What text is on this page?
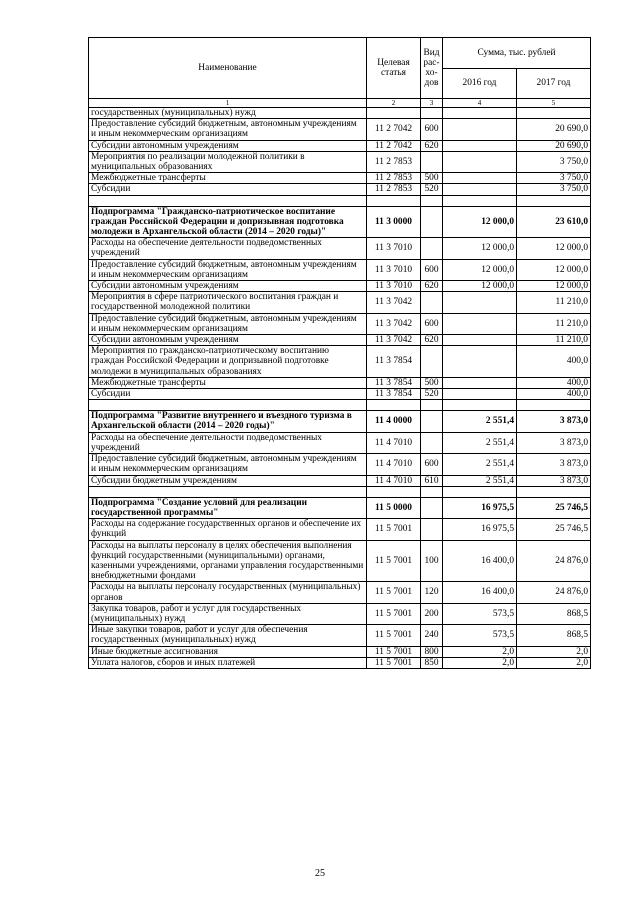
Наименование	Целевая статья	Вид
рас-
хо-
дов	Сумма, тыс. рублей	
			2016 год	2017 год
1	2	3	4	5
государственных (муниципальных) нужд				
Предоставление субсидий бюджетным, автономным учреждениям и иным некоммерческим организациям	11 2 7042	600		20 690,0
Субсидии автономным учреждениям	11 2 7042	620		20 690,0
Мероприятия по реализации молодежной политики в муниципальных образованиях	11 2 7853			3 750,0
Межбюджетные трансферты	11 2 7853	500		3 750,0
Субсидии	11 2 7853	520		3 750,0

Подпрограмма "Гражданско-патриотическое воспитание граждан Российской Федерации и допризывная подготовка молодежи в Архангельской области (2014 – 2020 годы)"	11 3 0000		12 000,0	23 610,0
Расходы на обеспечение деятельности подведомственных учреждений	11 3 7010		12 000,0	12 000,0
Предоставление субсидий бюджетным, автономным учреждениям и иным некоммерческим организациям	11 3 7010	600	12 000,0	12 000,0
Субсидии автономным учреждениям	11 3 7010	620	12 000,0	12 000,0
Мероприятия в сфере патриотического воспитания граждан и государственной молодежной политики	11 3 7042			11 210,0
Предоставление субсидий бюджетным, автономным учреждениям и иным некоммерческим организациям	11 3 7042	600		11 210,0
Субсидии автономным учреждениям	11 3 7042	620		11 210,0
Мероприятия по гражданско-патриотическому воспитанию граждан Российской Федерации и допризывной подготовке молодежи в муниципальных образованиях	11 3 7854			400,0
Межбюджетные трансферты	11 3 7854	500		400,0
Субсидии	11 3 7854	520		400,0

Подпрограмма "Развитие внутреннего и въездного туризма в Архангельской области (2014 – 2020 годы)"	11 4 0000		2 551,4	3 873,0
Расходы на обеспечение деятельности подведомственных учреждений	11 4 7010		2 551,4	3 873,0
Предоставление субсидий бюджетным, автономным учреждениям и иным некоммерческим организациям	11 4 7010	600	2 551,4	3 873,0
Субсидии бюджетным учреждениям	11 4 7010	610	2 551,4	3 873,0

Подпрограмма "Создание условий для реализации государственной программы"	11 5 0000		16 975,5	25 746,5
Расходы на содержание государственных органов и обеспечение их функций	11 5 7001		16 975,5	25 746,5
Расходы на выплаты персоналу в целях обеспечения выполнения функций государственными (муниципальными) органами, казенными учреждениями, органами управления государственными внебюджетными фондами	11 5 7001	100	16 400,0	24 876,0
Расходы на выплаты персоналу государственных (муниципальных) органов	11 5 7001	120	16 400,0	24 876,0
Закупка товаров, работ и услуг для государственных (муниципальных) нужд	11 5 7001	200	573,5	868,5
Иные закупки товаров, работ и услуг для обеспечения государственных (муниципальных) нужд	11 5 7001	240	573,5	868,5
Иные бюджетные ассигнования	11 5 7001	800	2,0	2,0
Уплата налогов, сборов и иных платежей	11 5 7001	850	2,0	2,0
25
